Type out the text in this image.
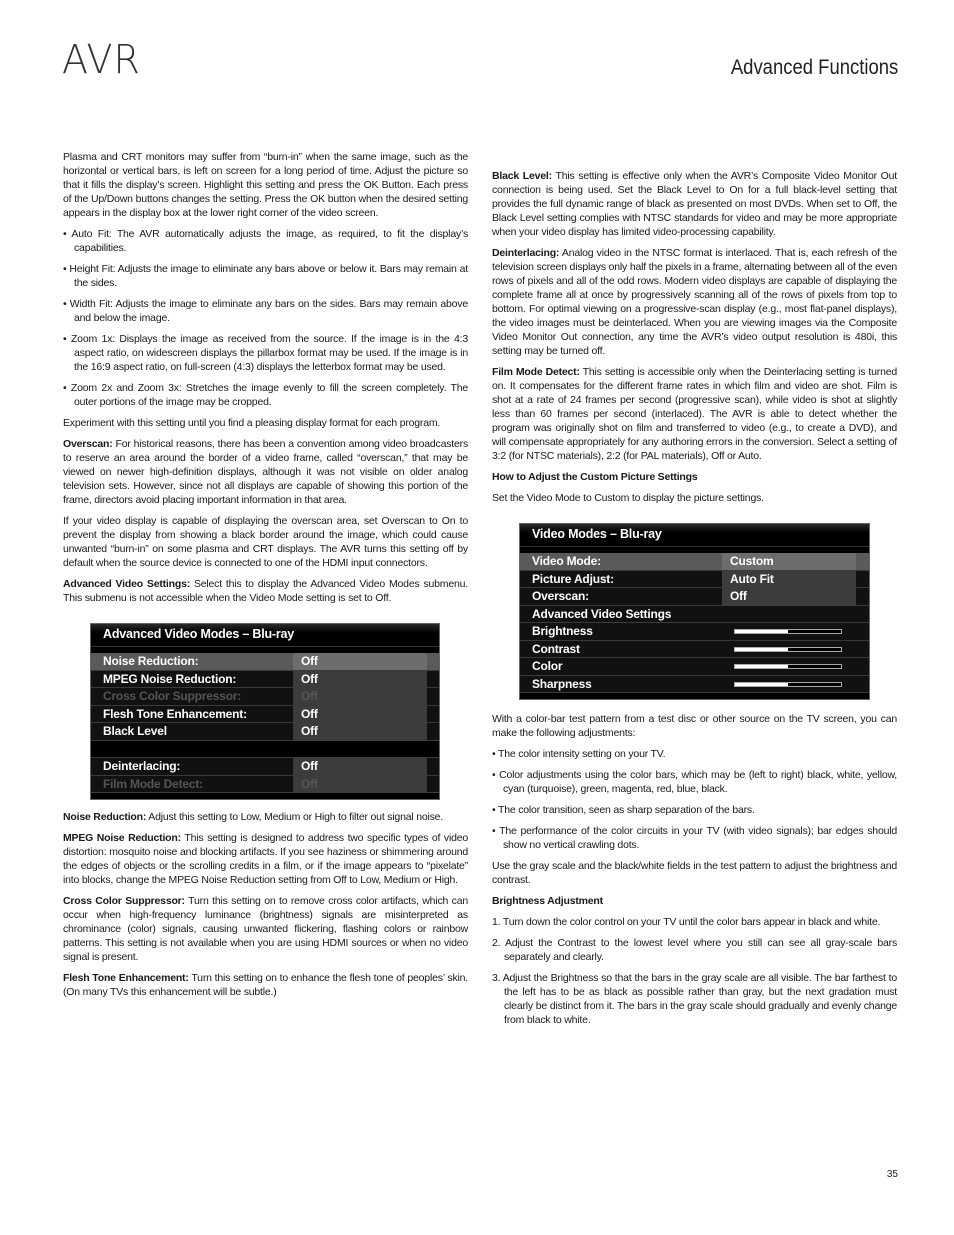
AVR	Advanced Functions

Plasma and CRT monitors may suffer from “burn-in” when the same image, such as the horizontal or vertical bars, is left on screen for a long period of time. Adjust the picture so that it fills the display’s screen. Highlight this setting and press the OK Button. Each press of the Up/Down buttons changes the setting. Press the OK button when the desired setting appears in the display box at the lower right corner of the video screen.

• Auto Fit: The AVR automatically adjusts the image, as required, to fit the display’s capabilities.

• Height Fit: Adjusts the image to eliminate any bars above or below it. Bars may remain at the sides.

• Width Fit: Adjusts the image to eliminate any bars on the sides. Bars may remain above and below the image.

• Zoom 1x: Displays the image as received from the source. If the image is in the 4:3 aspect ratio, on widescreen displays the pillarbox format may be used. If the image is in the 16:9 aspect ratio, on full-screen (4:3) displays the letterbox format may be used.

• Zoom 2x and Zoom 3x: Stretches the image evenly to fill the screen completely. The outer portions of the image may be cropped.

Experiment with this setting until you find a pleasing display format for each program.

Overscan: For historical reasons, there has been a convention among video broadcasters to reserve an area around the border of a video frame, called “overscan,” that may be viewed on newer high-definition displays, although it was not visible on older analog television sets. However, since not all displays are capable of showing this portion of the frame, directors avoid placing important information in that area.

If your video display is capable of displaying the overscan area, set Overscan to On to prevent the display from showing a black border around the image, which could cause unwanted “burn-in” on some plasma and CRT displays. The AVR turns this setting off by default when the source device is connected to one of the HDMI input connectors.

Advanced Video Settings: Select this to display the Advanced Video Modes submenu. This submenu is not accessible when the Video Mode setting is set to Off.

Advanced Video Modes – Blu-ray
Noise Reduction:	Off
MPEG Noise Reduction:	Off
Cross Color Suppressor:	Off
Flesh Tone Enhancement:	Off
Black Level	Off
Deinterlacing:	Off
Film Mode Detect:	Off

Noise Reduction: Adjust this setting to Low, Medium or High to filter out signal noise.

MPEG Noise Reduction: This setting is designed to address two specific types of video distortion: mosquito noise and blocking artifacts. If you see haziness or shimmering around the edges of objects or the scrolling credits in a film, or if the image appears to “pixelate” into blocks, change the MPEG Noise Reduction setting from Off to Low, Medium or High.

Cross Color Suppressor: Turn this setting on to remove cross color artifacts, which can occur when high-frequency luminance (brightness) signals are misinterpreted as chrominance (color) signals, causing unwanted flickering, flashing colors or rainbow patterns. This setting is not available when you are using HDMI sources or when no video signal is present.

Flesh Tone Enhancement: Turn this setting on to enhance the flesh tone of peoples’ skin. (On many TVs this enhancement will be subtle.)

Black Level: This setting is effective only when the AVR’s Composite Video Monitor Out connection is being used. Set the Black Level to On for a full black-level setting that provides the full dynamic range of black as presented on most DVDs. When set to Off, the Black Level setting complies with NTSC standards for video and may be more appropriate when your video display has limited video-processing capability.

Deinterlacing: Analog video in the NTSC format is interlaced. That is, each refresh of the television screen displays only half the pixels in a frame, alternating between all of the even rows of pixels and all of the odd rows. Modern video displays are capable of displaying the complete frame all at once by progressively scanning all of the rows of pixels from top to bottom. For optimal viewing on a progressive-scan display (e.g., most flat-panel displays), the video images must be deinterlaced. When you are viewing images via the Composite Video Monitor Out connection, any time the AVR’s video output resolution is 480i, this setting may be turned off.

Film Mode Detect: This setting is accessible only when the Deinterlacing setting is turned on. It compensates for the different frame rates in which film and video are shot. Film is shot at a rate of 24 frames per second (progressive scan), while video is shot at slightly less than 60 frames per second (interlaced). The AVR is able to detect whether the program was originally shot on film and transferred to video (e.g., to create a DVD), and will compensate appropriately for any authoring errors in the conversion. Select a setting of 3:2 (for NTSC materials), 2:2 (for PAL materials), Off or Auto.

How to Adjust the Custom Picture Settings

Set the Video Mode to Custom to display the picture settings.

Video Modes – Blu-ray
Video Mode:	Custom
Picture Adjust:	Auto Fit
Overscan:	Off
Advanced Video Settings
Brightness
Contrast
Color
Sharpness

With a color-bar test pattern from a test disc or other source on the TV screen, you can make the following adjustments:

• The color intensity setting on your TV.

• Color adjustments using the color bars, which may be (left to right) black, white, yellow, cyan (turquoise), green, magenta, red, blue, black.

• The color transition, seen as sharp separation of the bars.

• The performance of the color circuits in your TV (with video signals); bar edges should show no vertical crawling dots.

Use the gray scale and the black/white fields in the test pattern to adjust the brightness and contrast.

Brightness Adjustment

1. Turn down the color control on your TV until the color bars appear in black and white.

2. Adjust the Contrast to the lowest level where you still can see all gray-scale bars separately and clearly.

3. Adjust the Brightness so that the bars in the gray scale are all visible. The bar farthest to the left has to be as black as possible rather than gray, but the next gradation must clearly be distinct from it. The bars in the gray scale should gradually and evenly change from black to white.

35
